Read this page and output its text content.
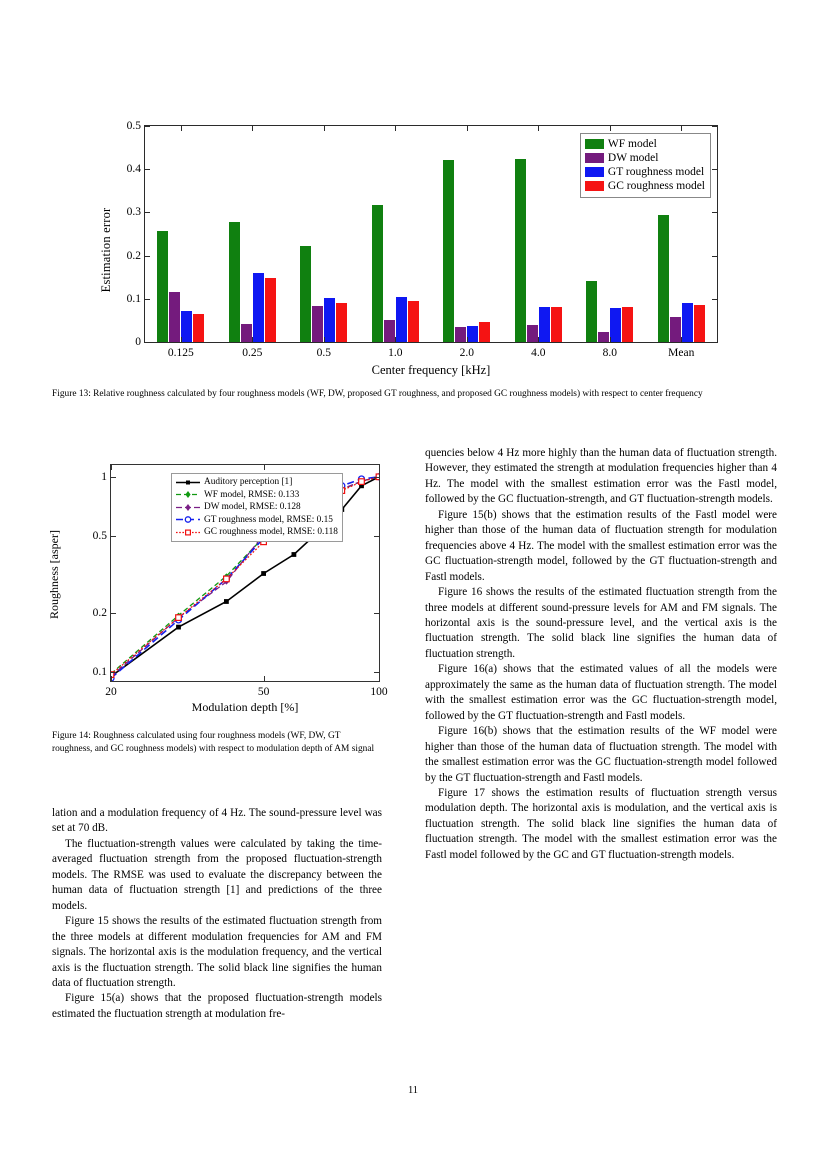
Estimation error
0
0.1
0.2
0.3
0.4
0.5
0.125	0.25	0.5	1.0	2.0	4.0	8.0	Mean
WF model
DW model
GT roughness model
GC roughness model
Center frequency [kHz]
Figure 13: Relative roughness calculated by four roughness models (WF, DW, proposed GT roughness, and proposed GC roughness models) with respect to center frequency
Roughness [asper]
0.1
0.2
0.5
1
20	50	100
Auditory perception [1]
WF model, RMSE: 0.133
DW model, RMSE: 0.128
GT roughness model, RMSE: 0.15
GC roughness model, RMSE: 0.118
Modulation depth [%]
Figure 14: Roughness calculated using four roughness models (WF, DW, GT roughness, and GC roughness models) with respect to modulation depth of AM signal

lation and a modulation frequency of 4 Hz. The sound-pressure level was set at 70 dB.

The fluctuation-strength values were calculated by taking the time-averaged fluctuation strength from the proposed fluctuation-strength models. The RMSE was used to evaluate the discrepancy between the human data of fluctuation strength [1] and predictions of the three models.

Figure 15 shows the results of the estimated fluctuation strength from the three models at different modulation frequencies for AM and FM signals. The horizontal axis is the modulation frequency, and the vertical axis is the fluctuation strength. The solid black line signifies the human data of fluctuation strength.

Figure 15(a) shows that the proposed fluctuation-strength models estimated the fluctuation strength at modulation fre-

quencies below 4 Hz more highly than the human data of fluctuation strength. However, they estimated the strength at modulation frequencies higher than 4 Hz. The model with the smallest estimation error was the Fastl model, followed by the GC fluctuation-strength, and GT fluctuation-strength models.

Figure 15(b) shows that the estimation results of the Fastl model were higher than those of the human data of fluctuation strength for modulation frequencies above 4 Hz. The model with the smallest estimation error was the GC fluctuation-strength model, followed by the GT fluctuation-strength and Fastl models.

Figure 16 shows the results of the estimated fluctuation strength from the three models at different sound-pressure levels for AM and FM signals. The horizontal axis is the sound-pressure level, and the vertical axis is the fluctuation strength. The solid black line signifies the human data of fluctuation strength.

Figure 16(a) shows that the estimated values of all the models were approximately the same as the human data of fluctuation strength. The model with the smallest estimation error was the GC fluctuation-strength model, followed by the GT fluctuation-strength and Fastl models.

Figure 16(b) shows that the estimation results of the WF model were higher than those of the human data of fluctuation strength. The model with the smallest estimation error was the GC fluctuation-strength model followed by the GT fluctuation-strength and Fastl models.

Figure 17 shows the estimation results of fluctuation strength versus modulation depth. The horizontal axis is modulation, and the vertical axis is fluctuation strength. The solid black line signifies the human data of fluctuation strength. The model with the smallest estimation error was the Fastl model followed by the GC and GT fluctuation-strength models.

11
